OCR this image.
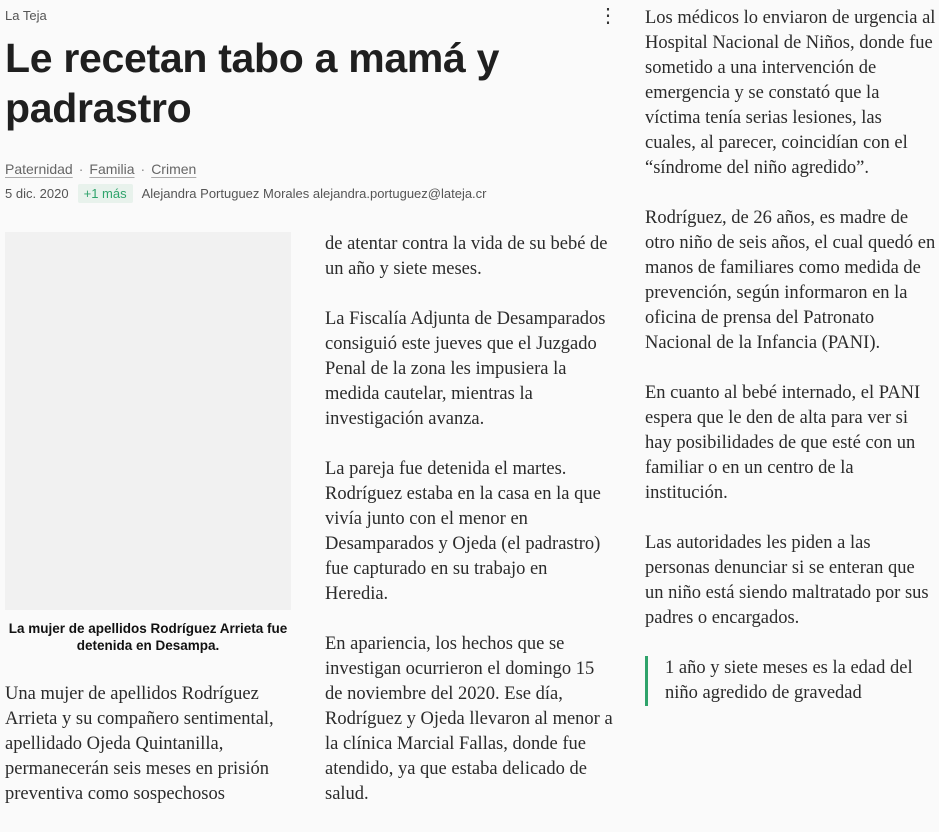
La Teja	⋮
Le recetan tabo a mamá y padrastro
Paternidad · Familia · Crimen
5 dic. 2020	+1 más	Alejandra Portuguez Morales alejandra.portuguez@lateja.cr
La mujer de apellidos Rodríguez Arrieta fue detenida en Desampa.

Una mujer de apellidos Rodríguez Arrieta y su compañero sentimental, apellidado Ojeda Quintanilla, permanecerán seis meses en prisión preventiva como sospechosos

de atentar contra la vida de su bebé de un año y siete meses.

La Fiscalía Adjunta de Desamparados consiguió este jueves que el Juzgado Penal de la zona les impusiera la medida cautelar, mientras la investigación avanza.

La pareja fue detenida el martes. Rodríguez estaba en la casa en la que vivía junto con el menor en Desamparados y Ojeda (el padrastro) fue capturado en su trabajo en Heredia.

En apariencia, los hechos que se investigan ocurrieron el domingo 15 de noviembre del 2020. Ese día, Rodríguez y Ojeda llevaron al menor a la clínica Marcial Fallas, donde fue atendido, ya que estaba delicado de salud.

Los médicos lo enviaron de urgencia al Hospital Nacional de Niños, donde fue sometido a una intervención de emergencia y se constató que la víctima tenía serias lesiones, las cuales, al parecer, coincidían con el “síndrome del niño agredido”.

Rodríguez, de 26 años, es madre de otro niño de seis años, el cual quedó en manos de familiares como medida de prevención, según informaron en la oficina de prensa del Patronato Nacional de la Infancia (PANI).

En cuanto al bebé internado, el PANI espera que le den de alta para ver si hay posibilidades de que esté con un familiar o en un centro de la institución.

Las autoridades les piden a las personas denunciar si se enteran que un niño está siendo maltratado por sus padres o encargados.

1 año y siete meses es la edad del niño agredido de gravedad
